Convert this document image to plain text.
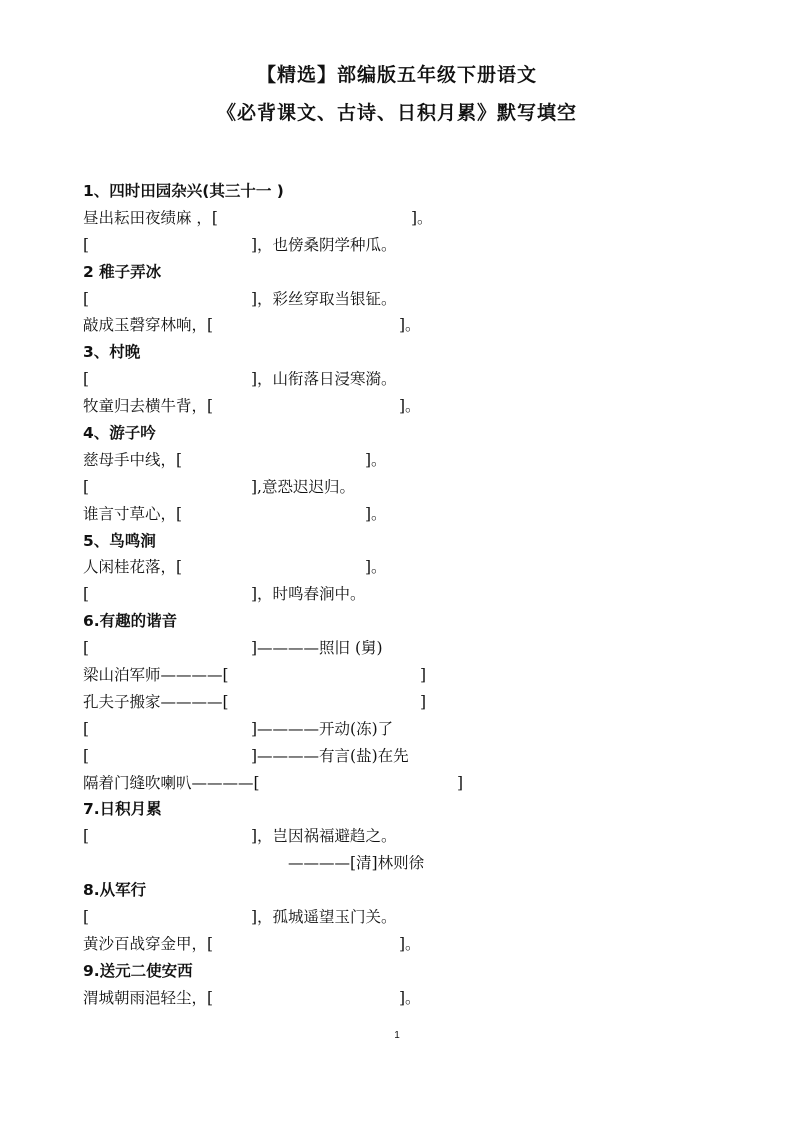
【精选】部编版五年级下册语文
《必背课文、古诗、日积月累》默写填空
1、四时田园杂兴(其三十一 )
昼出耘田夜绩麻 ，[	]。
[	]，也傍桑阴学种瓜。
2 稚子弄冰
[	]，彩丝穿取当银钲。
敲成玉磬穿林响，[	]。
3、村晚
[	]，山衔落日浸寒漪。
牧童归去横牛背，[	]。
4、游子吟
慈母手中线，[	]。
[	],意恐迟迟归。
谁言寸草心，[	]。
5、鸟鸣涧
人闲桂花落，[	]。
[	]，时鸣春涧中。
6.有趣的谐音
[	]————照旧 (舅)
梁山泊军师————[	]
孔夫子搬家————[	]
[	]————开动(冻)了
[	]————有言(盐)在先
隔着门缝吹喇叭————[	]
7.日积月累
[	]，岂因祸福避趋之。
————[清]林则徐
8.从军行
[	]，孤城遥望玉门关。
黄沙百战穿金甲，[	]。
9.送元二使安西
渭城朝雨浥轻尘，[	]。
1
